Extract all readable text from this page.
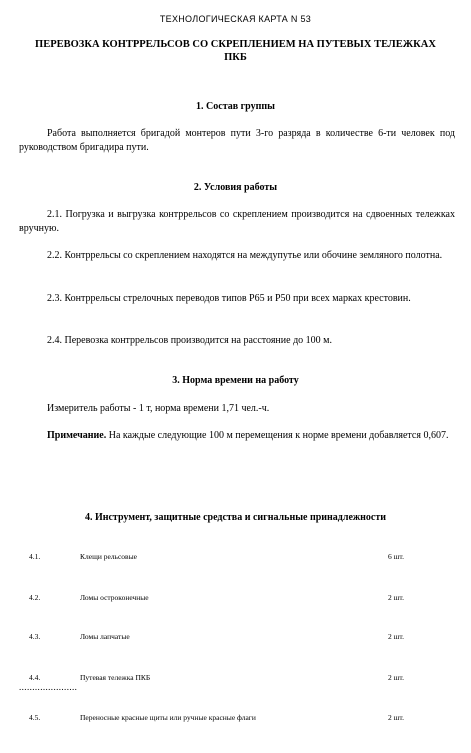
ТЕХНОЛОГИЧЕСКАЯ КАРТА N 53
ПЕРЕВОЗКА КОНТРРЕЛЬСОВ СО СКРЕПЛЕНИЕМ НА ПУТЕВЫХ ТЕЛЕЖКАХ ПКБ
1. Состав группы
Работа выполняется бригадой монтеров пути 3-го разряда в количестве 6-ти человек под руководством бригадира пути.
2. Условия работы
2.1. Погрузка и выгрузка контррельсов со скреплением производится на сдвоенных тележках вручную.
2.2. Контррельсы со скреплением находятся на междупутье или обочине земляного полотна.
2.3. Контррельсы стрелочных переводов типов Р65 и Р50 при всех марках крестовин.
2.4. Перевозка контррельсов производится на расстояние до 100 м.
3. Норма времени на работу
Измеритель работы - 1 т, норма времени 1,71 чел.-ч.
Примечание. На каждые следующие 100 м перемещения к норме времени добавляется 0,607.
4. Инструмент, защитные средства и сигнальные принадлежности
4.1.	Клещи рельсовые	6 шт.
4.2.	Ломы остроконечные	2 шт.
4.3.	Ломы лапчатые	2 шт.
4.4.	Путевая тележка ПКБ	2 шт.
......................
4.5.	Переносные красные щиты или ручные красные флаги	2 шт.
